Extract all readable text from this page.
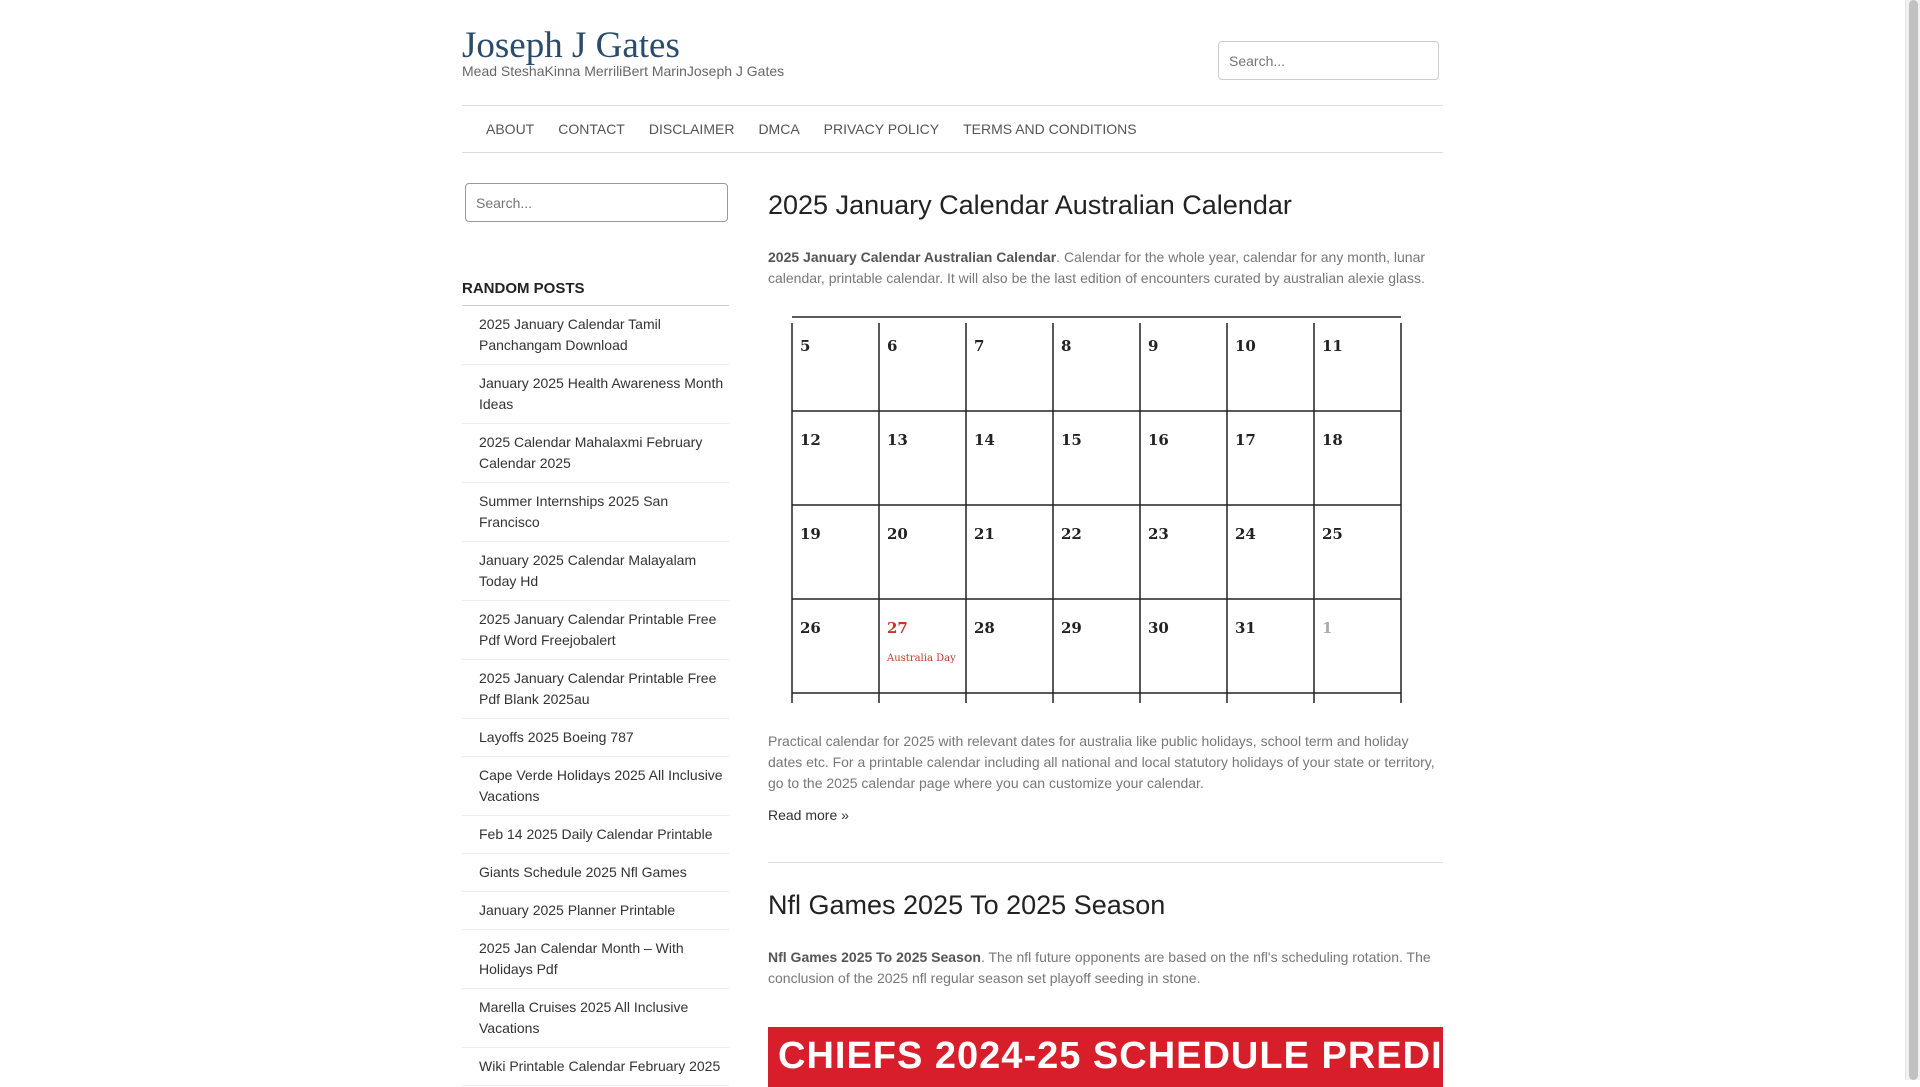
Joseph J Gates
Mead SteshaKinna MerriliBert MarinJoseph J Gates
Search...
ABOUT	CONTACT	DISCLAIMER	DMCA	PRIVACY POLICY	TERMS AND CONDITIONS
Search...
RANDOM POSTS
2025 January Calendar Tamil Panchangam Download
January 2025 Health Awareness Month Ideas
2025 Calendar Mahalaxmi February Calendar 2025
Summer Internships 2025 San Francisco
January 2025 Calendar Malayalam Today Hd
2025 January Calendar Printable Free Pdf Word Freejobalert
2025 January Calendar Printable Free Pdf Blank 2025au
Layoffs 2025 Boeing 787
Cape Verde Holidays 2025 All Inclusive Vacations
Feb 14 2025 Daily Calendar Printable
Giants Schedule 2025 Nfl Games
January 2025 Planner Printable
2025 Jan Calendar Month – With Holidays Pdf
Marella Cruises 2025 All Inclusive Vacations
Wiki Printable Calendar February 2025
2025 January Calendar Australian Calendar

2025 January Calendar Australian Calendar. Calendar for the whole year, calendar for any month, lunar calendar, printable calendar. It will also be the last edition of encounters curated by australian alexie glass.

5	6	7	8	9	10	11
12	13	14	15	16	17	18
19	20	21	22	23	24	25
26	27	28	29	30	31	1
Australia Day

Practical calendar for 2025 with relevant dates for australia like public holidays, school term and holiday dates etc. For a printable calendar including all national and local statutory holidays of your state or territory, go to the 2025 calendar page where you can customize your calendar.

Read more »
Nfl Games 2025 To 2025 Season

Nfl Games 2025 To 2025 Season. The nfl future opponents are based on the nfl's scheduling rotation. The conclusion of the 2025 nfl regular season set playoff seeding in stone.

CHIEFS 2024-25 SCHEDULE PREDICTION
